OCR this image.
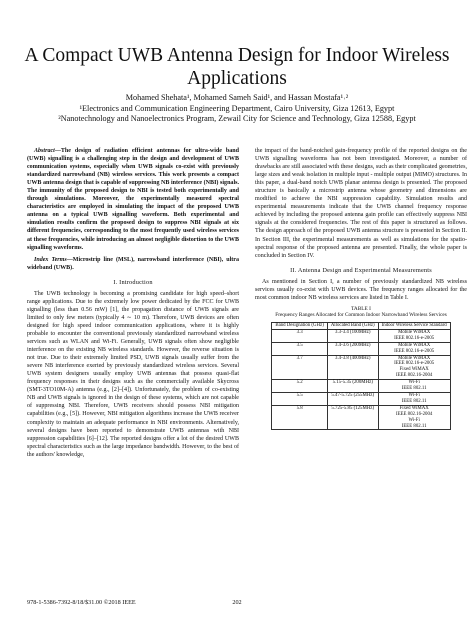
A Compact UWB Antenna Design for Indoor Wireless Applications
Mohamed Shehata¹, Mohamed Sameh Said¹, and Hassan Mostafa¹˒²
¹Electronics and Communication Engineering Department, Cairo University, Giza 12613, Egypt
²Nanotechnology and Nanoelectronics Program, Zewail City for Science and Technology, Giza 12588, Egypt

Abstract—The design of radiation efficient antennas for ultra-wide band (UWB) signalling is a challenging step in the design and development of UWB communication systems, especially when UWB signals co-exist with previously standardized narrowband (NB) wireless services. This work presents a compact UWB antenna design that is capable of suppressing NB interference (NBI) signals. The immunity of the proposed design to NBI is tested both experimentally and through simulations. Moreover, the experimentally measured spectral characteristics are employed in simulating the impact of the proposed UWB antenna on a typical UWB signalling waveform. Both experimental and simulation results confirm the proposed design to suppress NBI signals at six different frequencies, corresponding to the most frequently used wireless services at these frequencies, while introducing an almost negligible distortion to the UWB signalling waveforms.

Index Terms—Microstrip line (MSL), narrowband interference (NBI), ultra wideband (UWB).

I. Introduction

The UWB technology is becoming a promising candidate for high speed–short range applications. Due to the extremely low power dedicated by the FCC for UWB signalling (less than 0.56 mW) [1], the propagation distance of UWB signals are limited to only few meters (typically 4 ∼ 10 m). Therefore, UWB devices are often designed for high speed indoor communication applications, where it is highly probable to encounter the conventional previously standardized narrowband wireless services such as WLAN and Wi-Fi. Generally, UWB signals often show negligible interference on the existing NB wireless standards. However, the reverse situation is not true. Due to their extremely limited PSD, UWB signals usually suffer from the severe NB interference exerted by previously standardized wireless services. Several UWB system designers usually employ UWB antennas that possess quasi-flat frequency responses in their designs such as the commercially available Skycross (SMT-3TO10M-A) antenna (e.g., [2]–[4]). Unfortunately, the problem of co-existing NB and UWB signals is ignored in the design of these systems, which are not capable of suppressing NBI. Therefore, UWB receivers should possess NBI mitigation capabilities (e.g., [5]). However, NBI mitigation algorithms increase the UWB receiver complexity to maintain an adequate performance in NBI environments. Alternatively, several designs have been reported to demonstrate UWB antennas with NBI suppression capabilities [6]–[12]. The reported designs offer a lot of the desired UWB spectral characteristics such as the large impedance bandwidth. However, to the best of the authors' knowledge,

the impact of the band-notched gain-frequency profile of the reported designs on the UWB signalling waveforms has not been investigated. Moreover, a number of drawbacks are still associated with these designs, such as their complicated geometries, large sizes and weak isolation in multiple input - multiple output (MIMO) structures. In this paper, a dual-band notch UWB planar antenna design is presented. The proposed structure is basically a microstrip antenna whose geometry and dimensions are modified to achieve the NBI suppression capability. Simulation results and experimental measurements indicate that the UWB channel frequency response achieved by including the proposed antenna gain profile can effectively suppress NBI signals at the considered frequencies. The rest of this paper is structured as follows. The design approach of the proposed UWB antenna structure is presented in Section II. In Section III, the experimental measurements as well as simulations for the spatio-spectral response of the proposed antenna are presented. Finally, the whole paper is concluded in Section IV.

II. Antenna Design and Experimental Measurements

As mentioned in Section I, a number of previously standardized NB wireless services usually co-exist with UWB devices. The frequency ranges allocated for the most common indoor NB wireless services are listed in Table I.

TABLE I
Frequency Ranges Allocated for Common Indoor Narrowband Wireless Services
Band Designation (GHz)	Allocated Band (GHz)	Indoor Wireless Service Standard
3.3	3.3-3.4 (100MHz)	Mobile WiMAX
IEEE 802.16-e-2005
3.5	3.4-3.6 (200MHz)	Mobile WiMAX
IEEE 802.16-e-2005
3.7	3.4-3.8 (400MHz)	Mobile WiMAX
IEEE 802.16-e-2005
Fixed WiMAX
IEEE 802.16-2004
5.2	5.15-5.35 (200MHz)	Wi-Fi
IEEE 802.11
5.5	5.47-5.725 (255MHz)	Wi-Fi
IEEE 802.11
5.8	5.725-5.85 (125MHz)	Fixed WiMAX
IEEE 802.16-2004
Wi-Fi
IEEE 802.11
978-1-5386-7392-8/18/$31.00 ©2018 IEEE	202
